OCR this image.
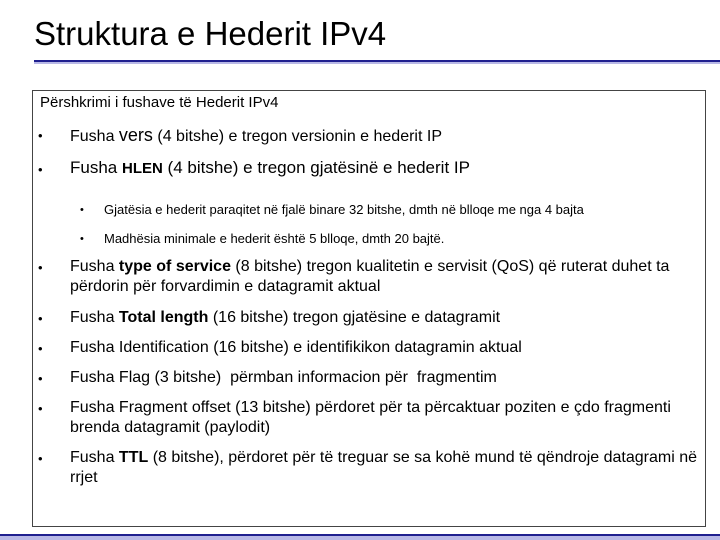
Struktura e Hederit IPv4
Përshkrimi i fushave të Hederit IPv4
• Fusha vers (4 bitshe) e tregon versionin e hederit IP
• Fusha HLEN (4 bitshe) e tregon gjatësinë e hederit IP
• Gjatësia e hederit paraqitet në fjalë binare 32 bitshe, dmth në blloqe me nga 4 bajta
• Madhësia minimale e hederit është 5 blloqe, dmth 20 bajtë.
• Fusha type of service (8 bitshe) tregon kualitetin e servisit (QoS) që ruterat duhet ta përdorin për forvardimin e datagramit aktual
• Fusha Total length (16 bitshe) tregon gjatësine e datagramit
• Fusha Identification (16 bitshe) e identifikikon datagramin aktual
• Fusha Flag (3 bitshe)  përmban informacion për  fragmentim
• Fusha Fragment offset (13 bitshe) përdoret për ta përcaktuar poziten e çdo fragmenti brenda datagramit (paylodit)
• Fusha TTL (8 bitshe), përdoret për të treguar se sa kohë mund të qëndroje datagrami në rrjet
